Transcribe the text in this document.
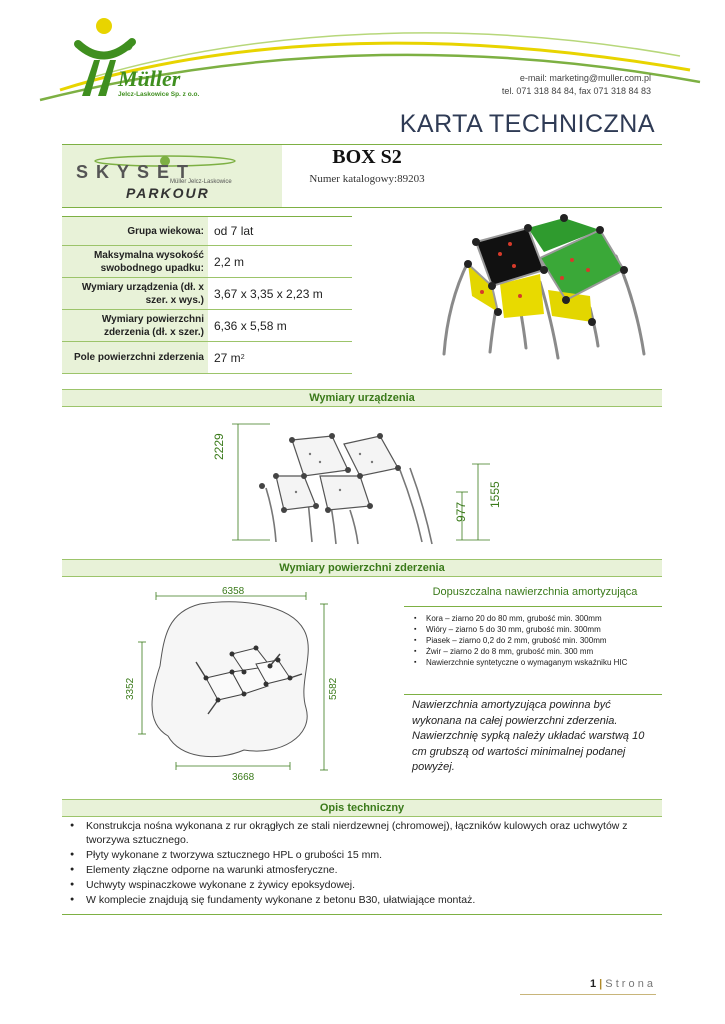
R
Müller
Jelcz-Laskowice Sp. z o.o.
e-mail: marketing@muller.com.pl
tel. 071 318 84 84, fax 071 318 84 83
KARTA TECHNICZNA
SKYSET
Müller Jelcz-Laskowice
PARKOUR
BOX S2
Numer katalogowy:89203
Grupa wiekowa: od 7 lat
Maksymalna wysokość swobodnego upadku: 2,2 m
Wymiary urządzenia (dł. x szer. x wys.) 3,67 x 3,35 x 2,23 m
Wymiary powierzchni zderzenia (dł. x szer.) 6,36 x 5,58 m
Pole powierzchni zderzenia 27 m 2
Wymiary urządzenia
2229
1555
977
Wymiary powierzchni zderzenia
6358
5582
3352
3668
Dopuszczalna nawierzchnia amortyzująca
▪ Kora – ziarno 20 do 80 mm, grubość min. 300mm
▪ Wióry – ziarno 5 do 30 mm, grubość min. 300mm
▪ Piasek – ziarno 0,2 do 2 mm, grubość min. 300mm
▪ Żwir – ziarno 2 do 8 mm, grubość min. 300 mm
▪ Nawierzchnie syntetyczne o wymaganym wskaźniku HIC
Nawierzchnia amortyzująca powinna być wykonana na całej powierzchni zderzenia. Nawierzchnię sypką należy układać warstwą 10 cm grubszą od wartości minimalnej podanej powyżej.
Opis techniczny
● Konstrukcja nośna wykonana z rur okrągłych ze stali nierdzewnej (chromowej), łączników kulowych oraz uchwytów z tworzywa sztucznego.
● Płyty wykonane z tworzywa sztucznego HPL o grubości 15 mm.
● Elementy złączne odporne na warunki atmosferyczne.
● Uchwyty wspinaczkowe wykonane z żywicy epoksydowej.
● W komplecie znajdują się fundamenty wykonane z betonu B30, ułatwiające montaż.
1 | S t r o n a
